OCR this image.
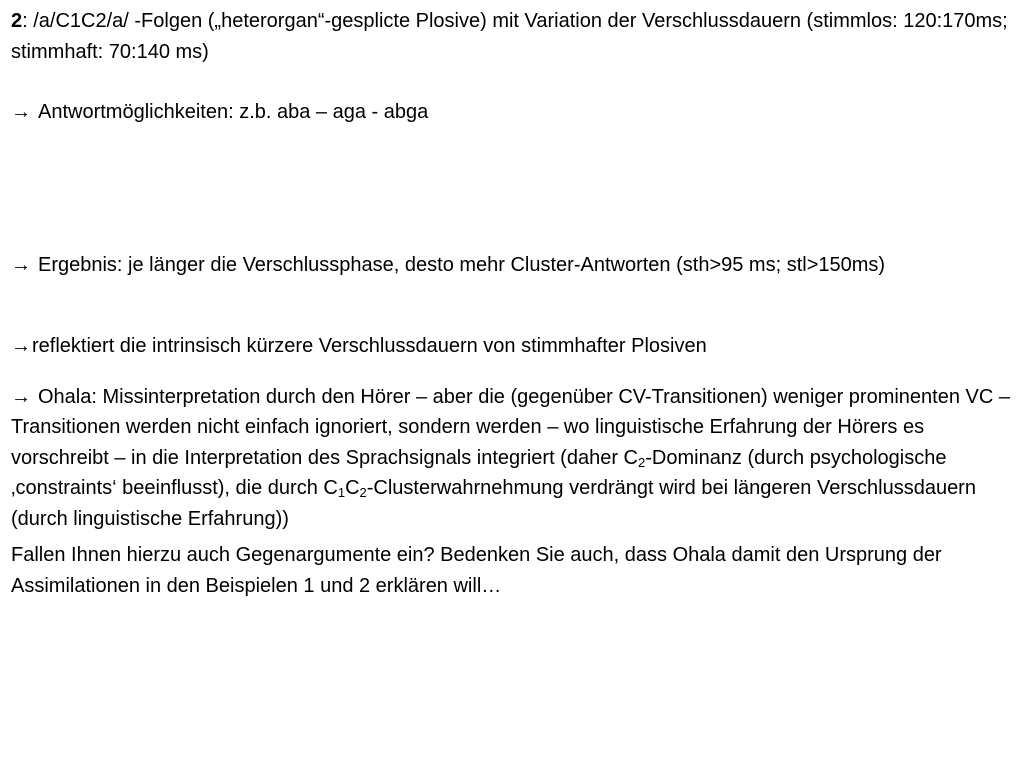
2: /a/C1C2/a/ -Folgen („heterorgan“-gesplicte Plosive) mit Variation der Verschlussdauern (stimmlos: 120:170ms; stimmhaft: 70:140 ms)

→ Antwortmöglichkeiten: z.b. aba – aga - abga

→ Ergebnis: je länger die Verschlussphase, desto mehr Cluster-Antworten (sth>95 ms; stl>150ms)

→reflektiert die intrinsisch kürzere Verschlussdauern von stimmhafter Plosiven

→ Ohala: Missinterpretation durch den Hörer – aber die (gegenüber CV-Transitionen) weniger prominenten VC –Transitionen werden nicht einfach ignoriert, sondern werden – wo linguistische Erfahrung der Hörers es vorschreibt – in die Interpretation des Sprachsignals integriert (daher $C_2$-Dominanz (durch psychologische ‚constraints‘ beeinflusst), die durch $C_1C_2$-Clusterwahrnehmung verdrängt wird bei längeren Verschlussdauern (durch linguistische Erfahrung))

Fallen Ihnen hierzu auch Gegenargumente ein? Bedenken Sie auch, dass Ohala damit den Ursprung der Assimilationen in den Beispielen 1 und 2 erklären will…
